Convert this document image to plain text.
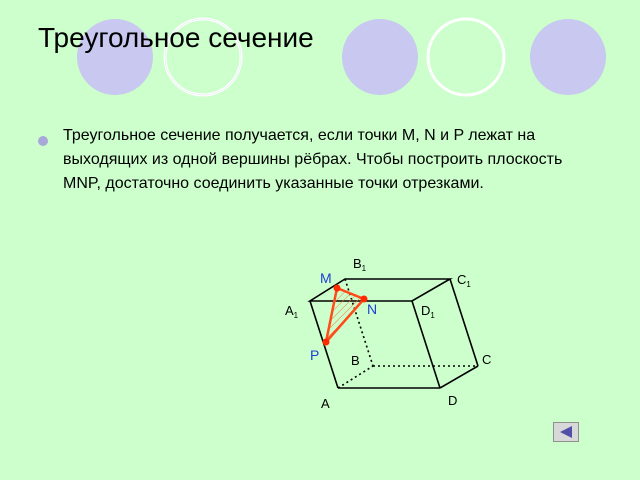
Треугольное сечение

Треугольное сечение получается, если точки M, N и P лежат на выходящих из одной вершины рёбрах. Чтобы построить плоскость MNP, достаточно соединить указанные точки отрезками.

M
N
P
$B_1$
$C_1$
$A_1$	$D_1$
B	C
A	D
